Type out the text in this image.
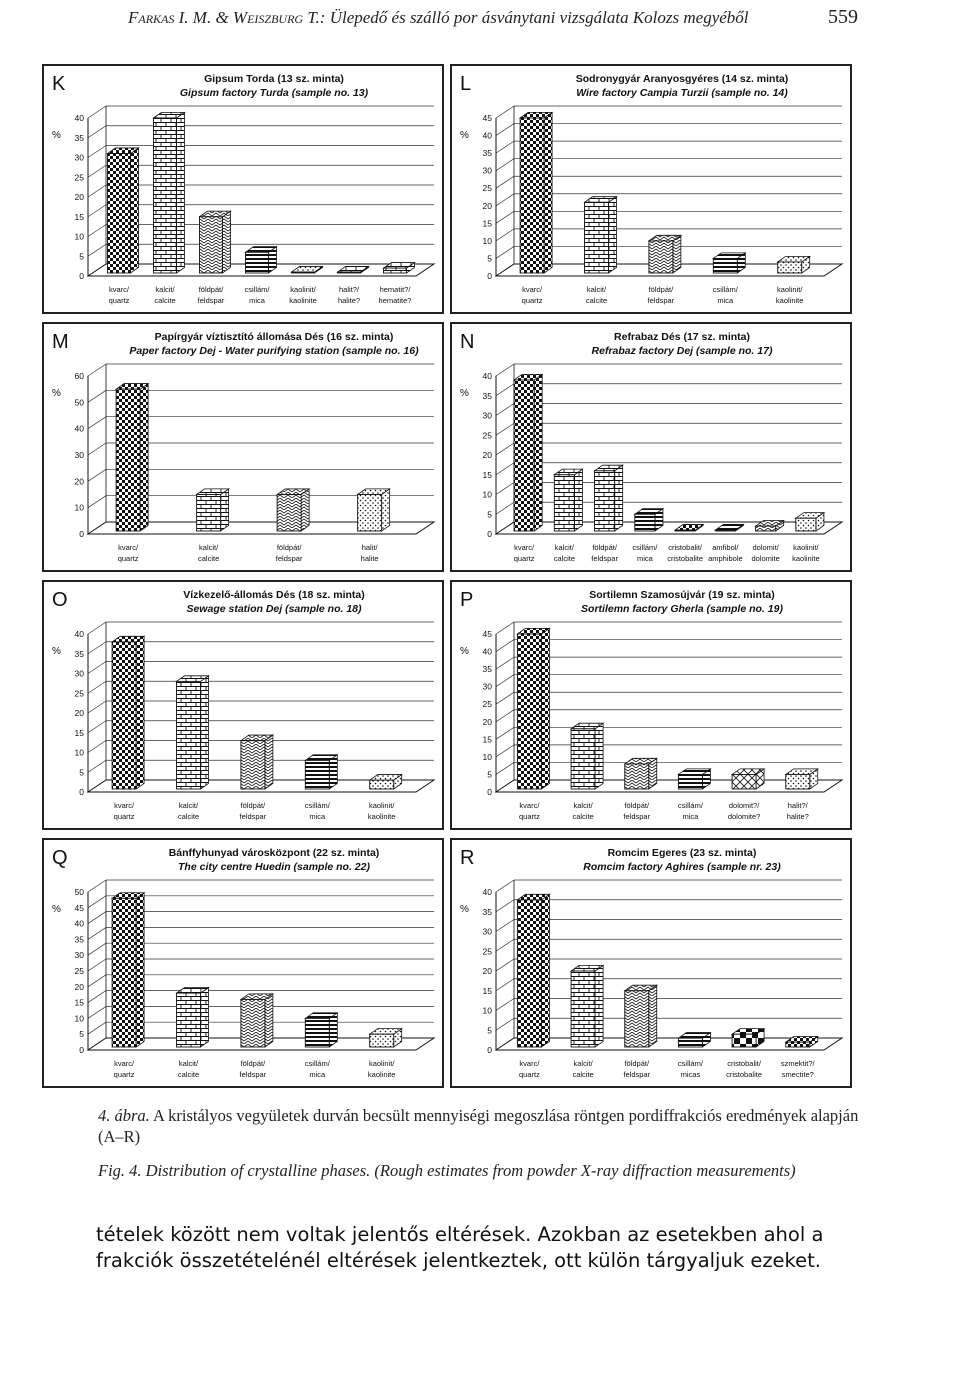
Farkas I. M. & Weiszburg T.: Ülepedő és szálló por ásványtani vizsgálata Kolozs megyéből	559
K	Gipsum Torda (13 sz. minta)
Gipsum factory Turda (sample no. 13)
%
0
5
10
15
20
25
30
35
40
kvarc/
quartz
kalcit/
calcite
földpát/
feldspar
csillám/
mica
kaolinit/
kaolinite
halit?/
halite?
hematit?/
hematite?
L	Sodronygyár Aranyosgyéres (14 sz. minta)
Wire factory Campia Turzii (sample no. 14)
%
0
5
10
15
20
25
30
35
40
45
kvarc/
quartz
kalcit/
calcite
földpát/
feldspar
csillám/
mica
kaolinit/
kaolinite
M	Papírgyár víztisztító állomása Dés (16 sz. minta)
Paper factory Dej - Water purifying station (sample no. 16)
%
0
10
20
30
40
50
60
kvarc/
quartz
kalcit/
calcite
földpát/
feldspar
halit/
halite
N	Refrabaz Dés (17 sz. minta)
Refrabaz factory Dej (sample no. 17)
%
0
5
10
15
20
25
30
35
40
kvarc/
quartz
kalcit/
calcite
földpát/
feldspar
csillám/
mica
cristobalit/
cristobalite
amfibol/
amphibole
dolomit/
dolomite
kaolinit/
kaolinite
O	Vízkezelő-állomás Dés (18 sz. minta)
Sewage station Dej (sample no. 18)
%
0
5
10
15
20
25
30
35
40
kvarc/
quartz
kalcit/
calcite
földpát/
feldspar
csillám/
mica
kaolinit/
kaolinite
P	Sortilemn Szamosújvár (19 sz. minta)
Sortilemn factory Gherla (sample no. 19)
%
0
5
10
15
20
25
30
35
40
45
kvarc/
quartz
kalcit/
calcite
földpát/
feldspar
csillám/
mica
dolomit?/
dolomite?
halit?/
halite?
Q	Bánffyhunyad városközpont (22 sz. minta)
The city centre Huedin (sample no. 22)
%
0
5
10
15
20
25
30
35
40
45
50
kvarc/
quartz
kalcit/
calcite
földpát/
feldspar
csillám/
mica
kaolinit/
kaolinite
R	Romcim Egeres (23 sz. minta)
Romcim factory Aghires (sample nr. 23)
%
0
5
10
15
20
25
30
35
40
kvarc/
quartz
kalcit/
calcite
földpát/
feldspar
csillám/
micas
cristobalit/
cristobalite
szmektit?/
smectite?
4. ábra. A kristályos vegyületek durván becsült mennyiségi megoszlása röntgen pordiffrakciós eredmények alapján (A–R)
Fig. 4. Distribution of crystalline phases. (Rough estimates from powder X-ray diffraction measurements)
tételek között nem voltak jelentős eltérések. Azokban az esetekben ahol a frakciók összetételénél eltérések jelentkeztek, ott külön tárgyaljuk ezeket.
